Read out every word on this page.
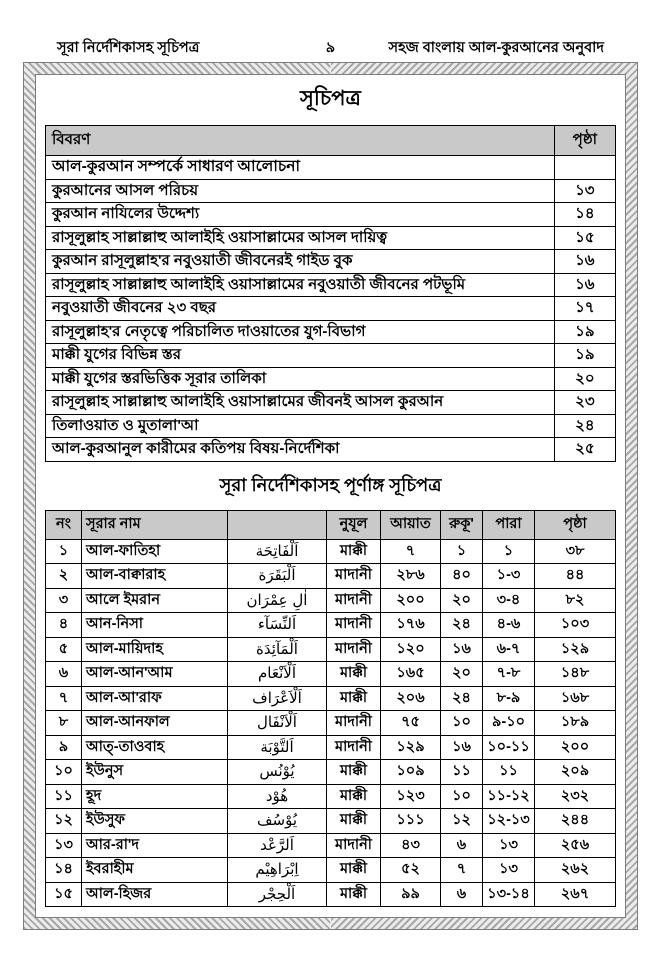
সূরা নির্দেশিকাসহ সূচিপত্র	৯	সহজ বাংলায় আল-কুরআনের অনুবাদ
সূচিপত্র
বিবরণ	পৃষ্ঠা
আল-কুরআন সম্পর্কে সাধারণ আলোচনা	
কুরআনের আসল পরিচয়	১৩
কুরআন নাযিলের উদ্দেশ্য	১৪
রাসূলুল্লাহ সাল্লাল্লাহু আলাইহি ওয়াসাল্লামের আসল দায়িত্ব	১৫
কুরআন রাসূলুল্লাহ'র নবুওয়াতী জীবনেরই গাইড বুক	১৬
রাসূলুল্লাহ সাল্লাল্লাহু আলাইহি ওয়াসাল্লামের নবুওয়াতী জীবনের পটভূমি	১৬
নবুওয়াতী জীবনের ২৩ বছর	১৭
রাসূলুল্লাহ'র নেতৃত্বে পরিচালিত দাওয়াতের যুগ-বিভাগ	১৯
মাক্কী যুগের বিভিন্ন স্তর	১৯
মাক্কী যুগের স্তরভিত্তিক সূরার তালিকা	২০
রাসূলুল্লাহ সাল্লাল্লাহু আলাইহি ওয়াসাল্লামের জীবনই আসল কুরআন	২৩
তিলাওয়াত ও মুতালা'আ	২৪
আল-কুরআনুল কারীমের কতিপয় বিষয়-নির্দেশিকা	২৫
সূরা নির্দেশিকাসহ পূর্ণাঙ্গ সূচিপত্র
নং	সূরার নাম		নুযূল	আয়াত	রুকূ'	পারা	পৃষ্ঠা
১	আল-ফাতিহা	اَلْفَاتِحَة	মাক্কী	৭	১	১	৩৮
২	আল-বাক্বারাহ	اَلْبَقَرَة	মাদানী	২৮৬	৪০	১-৩	৪৪
৩	আলে ইমরান	اٰلِ عِمْرَان	মাদানী	২০০	২০	৩-৪	৮২
৪	আন-নিসা	اَلنِّسَآء	মাদানী	১৭৬	২৪	৪-৬	১০৩
৫	আল-মায়িদাহ	اَلْمَآئِدَة	মাদানী	১২০	১৬	৬-৭	১২৯
৬	আল-আন'আম	اَلْاَنْعَام	মাক্কী	১৬৫	২০	৭-৮	১৪৮
৭	আল-আ'রাফ	اَلْاَعْرَاف	মাক্কী	২০৬	২৪	৮-৯	১৬৮
৮	আল-আনফাল	اَلْاَنْفَال	মাদানী	৭৫	১০	৯-১০	১৮৯
৯	আত্-তাওবাহ	اَلتَّوْبَة	মাদানী	১২৯	১৬	১০-১১	২০০
১০	ইউনুস	يُوْنُس	মাক্কী	১০৯	১১	১১	২০৯
১১	হূদ	هُوْد	মাক্কী	১২৩	১০	১১-১২	২৩২
১২	ইউসুফ	يُوْسُف	মাক্কী	১১১	১২	১২-১৩	২৪৪
১৩	আর-রা'দ	اَلرَّعْد	মাদানী	৪৩	৬	১৩	২৫৬
১৪	ইবরাহীম	اِبْرَاهِيْم	মাক্কী	৫২	৭	১৩	২৬২
১৫	আল-হিজর	اَلْحِجْر	মাক্কী	৯৯	৬	১৩-১৪	২৬৭
